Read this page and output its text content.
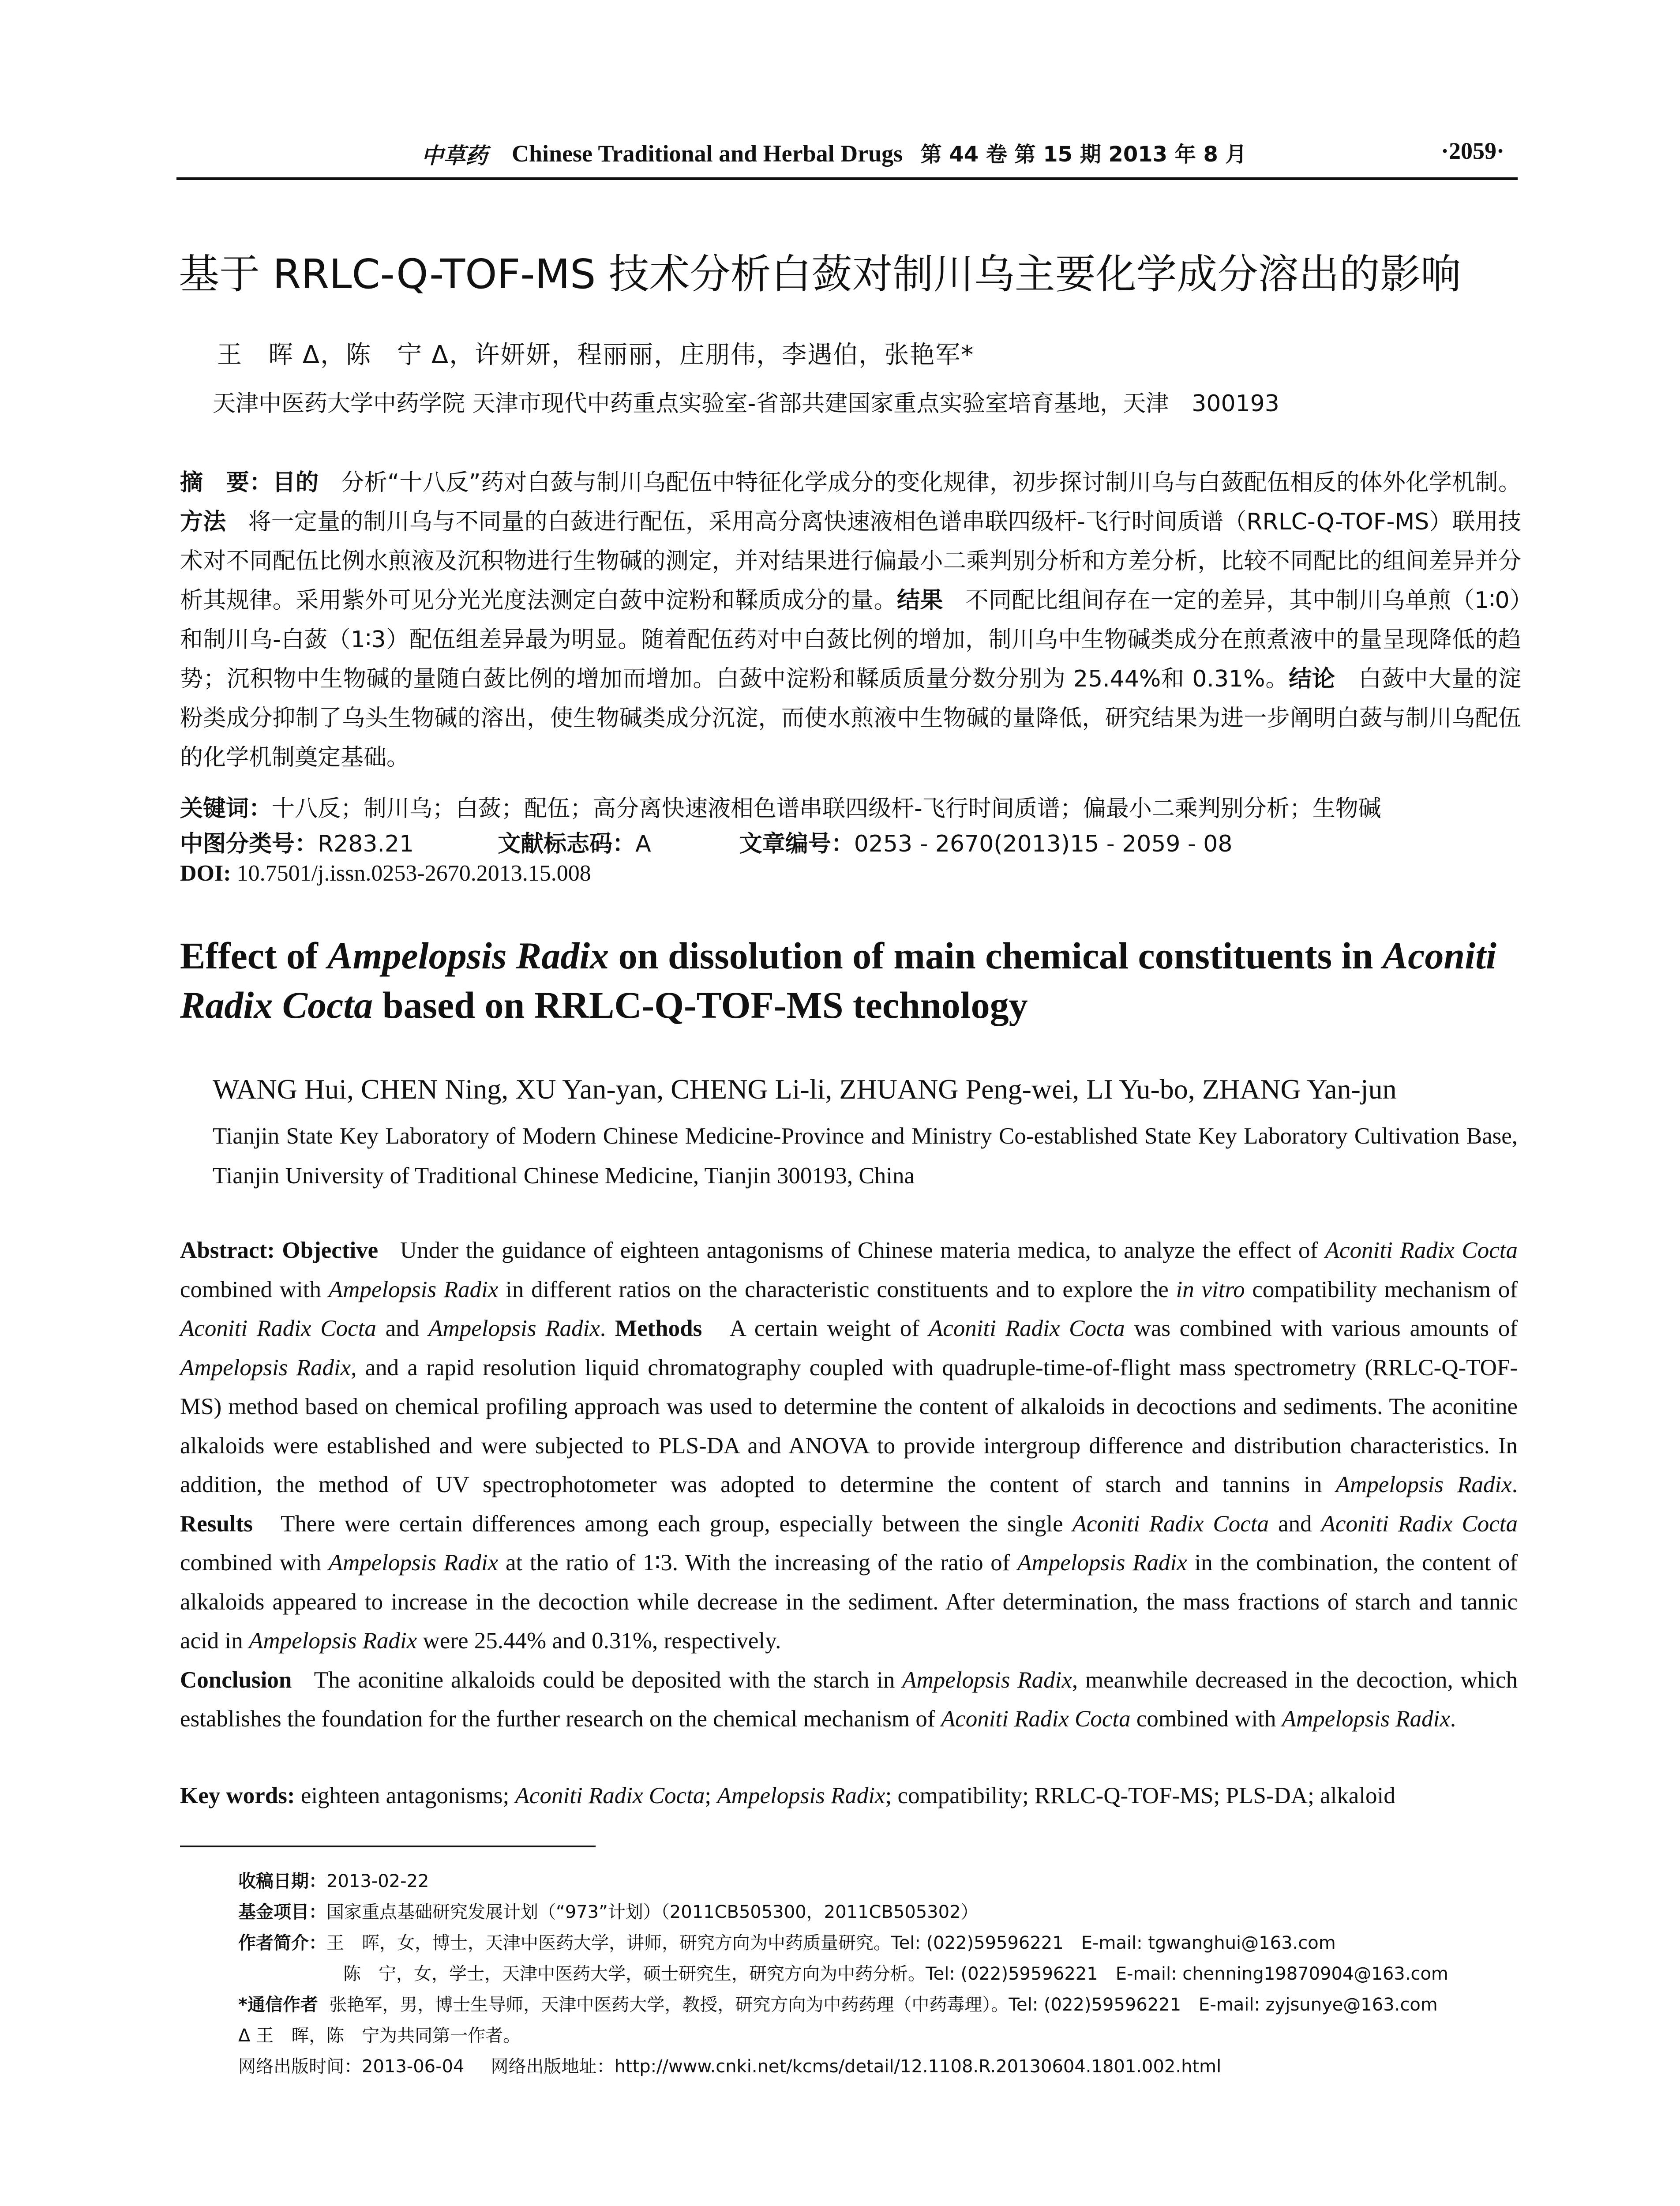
中草药 Chinese Traditional and Herbal Drugs 第 44 卷 第 15 期 2013 年 8 月	·2059·
基于 RRLC-Q-TOF-MS 技术分析白蔹对制川乌主要化学成分溶出的影响
王　晖 Δ，陈　宁 Δ，许妍妍，程丽丽，庄朋伟，李遇伯，张艳军*
天津中医药大学中药学院 天津市现代中药重点实验室-省部共建国家重点实验室培育基地，天津　300193

摘　要：目的 分析“十八反”药对白蔹与制川乌配伍中特征化学成分的变化规律，初步探讨制川乌与白蔹配伍相反的体外化学机制。方法 将一定量的制川乌与不同量的白蔹进行配伍，采用高分离快速液相色谱串联四级杆-飞行时间质谱（RRLC-Q-TOF-MS）联用技术对不同配伍比例水煎液及沉积物进行生物碱的测定，并对结果进行偏最小二乘判别分析和方差分析，比较不同配比的组间差异并分析其规律。采用紫外可见分光光度法测定白蔹中淀粉和鞣质成分的量。结果 不同配比组间存在一定的差异，其中制川乌单煎（1∶0）和制川乌-白蔹（1∶3）配伍组差异最为明显。随着配伍药对中白蔹比例的增加，制川乌中生物碱类成分在煎煮液中的量呈现降低的趋势；沉积物中生物碱的量随白蔹比例的增加而增加。白蔹中淀粉和鞣质质量分数分别为 25.44%和 0.31%。结论 白蔹中大量的淀粉类成分抑制了乌头生物碱的溶出，使生物碱类成分沉淀，而使水煎液中生物碱的量降低，研究结果为进一步阐明白蔹与制川乌配伍的化学机制奠定基础。

关键词：十八反；制川乌；白蔹；配伍；高分离快速液相色谱串联四级杆-飞行时间质谱；偏最小二乘判别分析；生物碱
中图分类号：R283.21	文献标志码：A	文章编号：0253 - 2670(2013)15 - 2059 - 08
DOI: 10.7501/j.issn.0253-2670.2013.15.008

Effect of Ampelopsis Radix on dissolution of main chemical constituents in Aconiti Radix Cocta based on RRLC-Q-TOF-MS technology

WANG Hui, CHEN Ning, XU Yan-yan, CHENG Li-li, ZHUANG Peng-wei, LI Yu-bo, ZHANG Yan-jun

Tianjin State Key Laboratory of Modern Chinese Medicine-Province and Ministry Co-established State Key Laboratory Cultivation Base, Tianjin University of Traditional Chinese Medicine, Tianjin 300193, China

Abstract: Objective Under the guidance of eighteen antagonisms of Chinese materia medica, to analyze the effect of Aconiti Radix Cocta combined with Ampelopsis Radix in different ratios on the characteristic constituents and to explore the in vitro compatibility mechanism of Aconiti Radix Cocta and Ampelopsis Radix. Methods A certain weight of Aconiti Radix Cocta was combined with various amounts of Ampelopsis Radix, and a rapid resolution liquid chromatography coupled with quadruple-time-of-flight mass spectrometry (RRLC-Q-TOF-MS) method based on chemical profiling approach was used to determine the content of alkaloids in decoctions and sediments. The aconitine alkaloids were established and were subjected to PLS-DA and ANOVA to provide intergroup difference and distribution characteristics. In addition, the method of UV spectrophotometer was adopted to determine the content of starch and tannins in Ampelopsis Radix. Results There were certain differences among each group, especially between the single Aconiti Radix Cocta and Aconiti Radix Cocta combined with Ampelopsis Radix at the ratio of 1∶3. With the increasing of the ratio of Ampelopsis Radix in the combination, the content of alkaloids appeared to increase in the decoction while decrease in the sediment. After determination, the mass fractions of starch and tannic acid in Ampelopsis Radix were 25.44% and 0.31%, respectively.
Conclusion The aconitine alkaloids could be deposited with the starch in Ampelopsis Radix, meanwhile decreased in the decoction, which establishes the foundation for the further research on the chemical mechanism of Aconiti Radix Cocta combined with Ampelopsis Radix.

Key words: eighteen antagonisms; Aconiti Radix Cocta; Ampelopsis Radix; compatibility; RRLC-Q-TOF-MS; PLS-DA; alkaloid
收稿日期：2013-02-22
基金项目：国家重点基础研究发展计划（“973”计划）（2011CB505300，2011CB505302）
作者简介：王　晖，女，博士，天津中医药大学，讲师，研究方向为中药质量研究。Tel: (022)59596221　E-mail: tgwanghui@163.com
陈　宁，女，学士，天津中医药大学，硕士研究生，研究方向为中药分析。Tel: (022)59596221　E-mail: chenning19870904@163.com
*通信作者 张艳军，男，博士生导师，天津中医药大学，教授，研究方向为中药药理（中药毒理）。Tel: (022)59596221　E-mail: zyjsunye@163.com
Δ 王　晖，陈　宁为共同第一作者。
网络出版时间：2013-06-04 网络出版地址：http://www.cnki.net/kcms/detail/12.1108.R.20130604.1801.002.html
